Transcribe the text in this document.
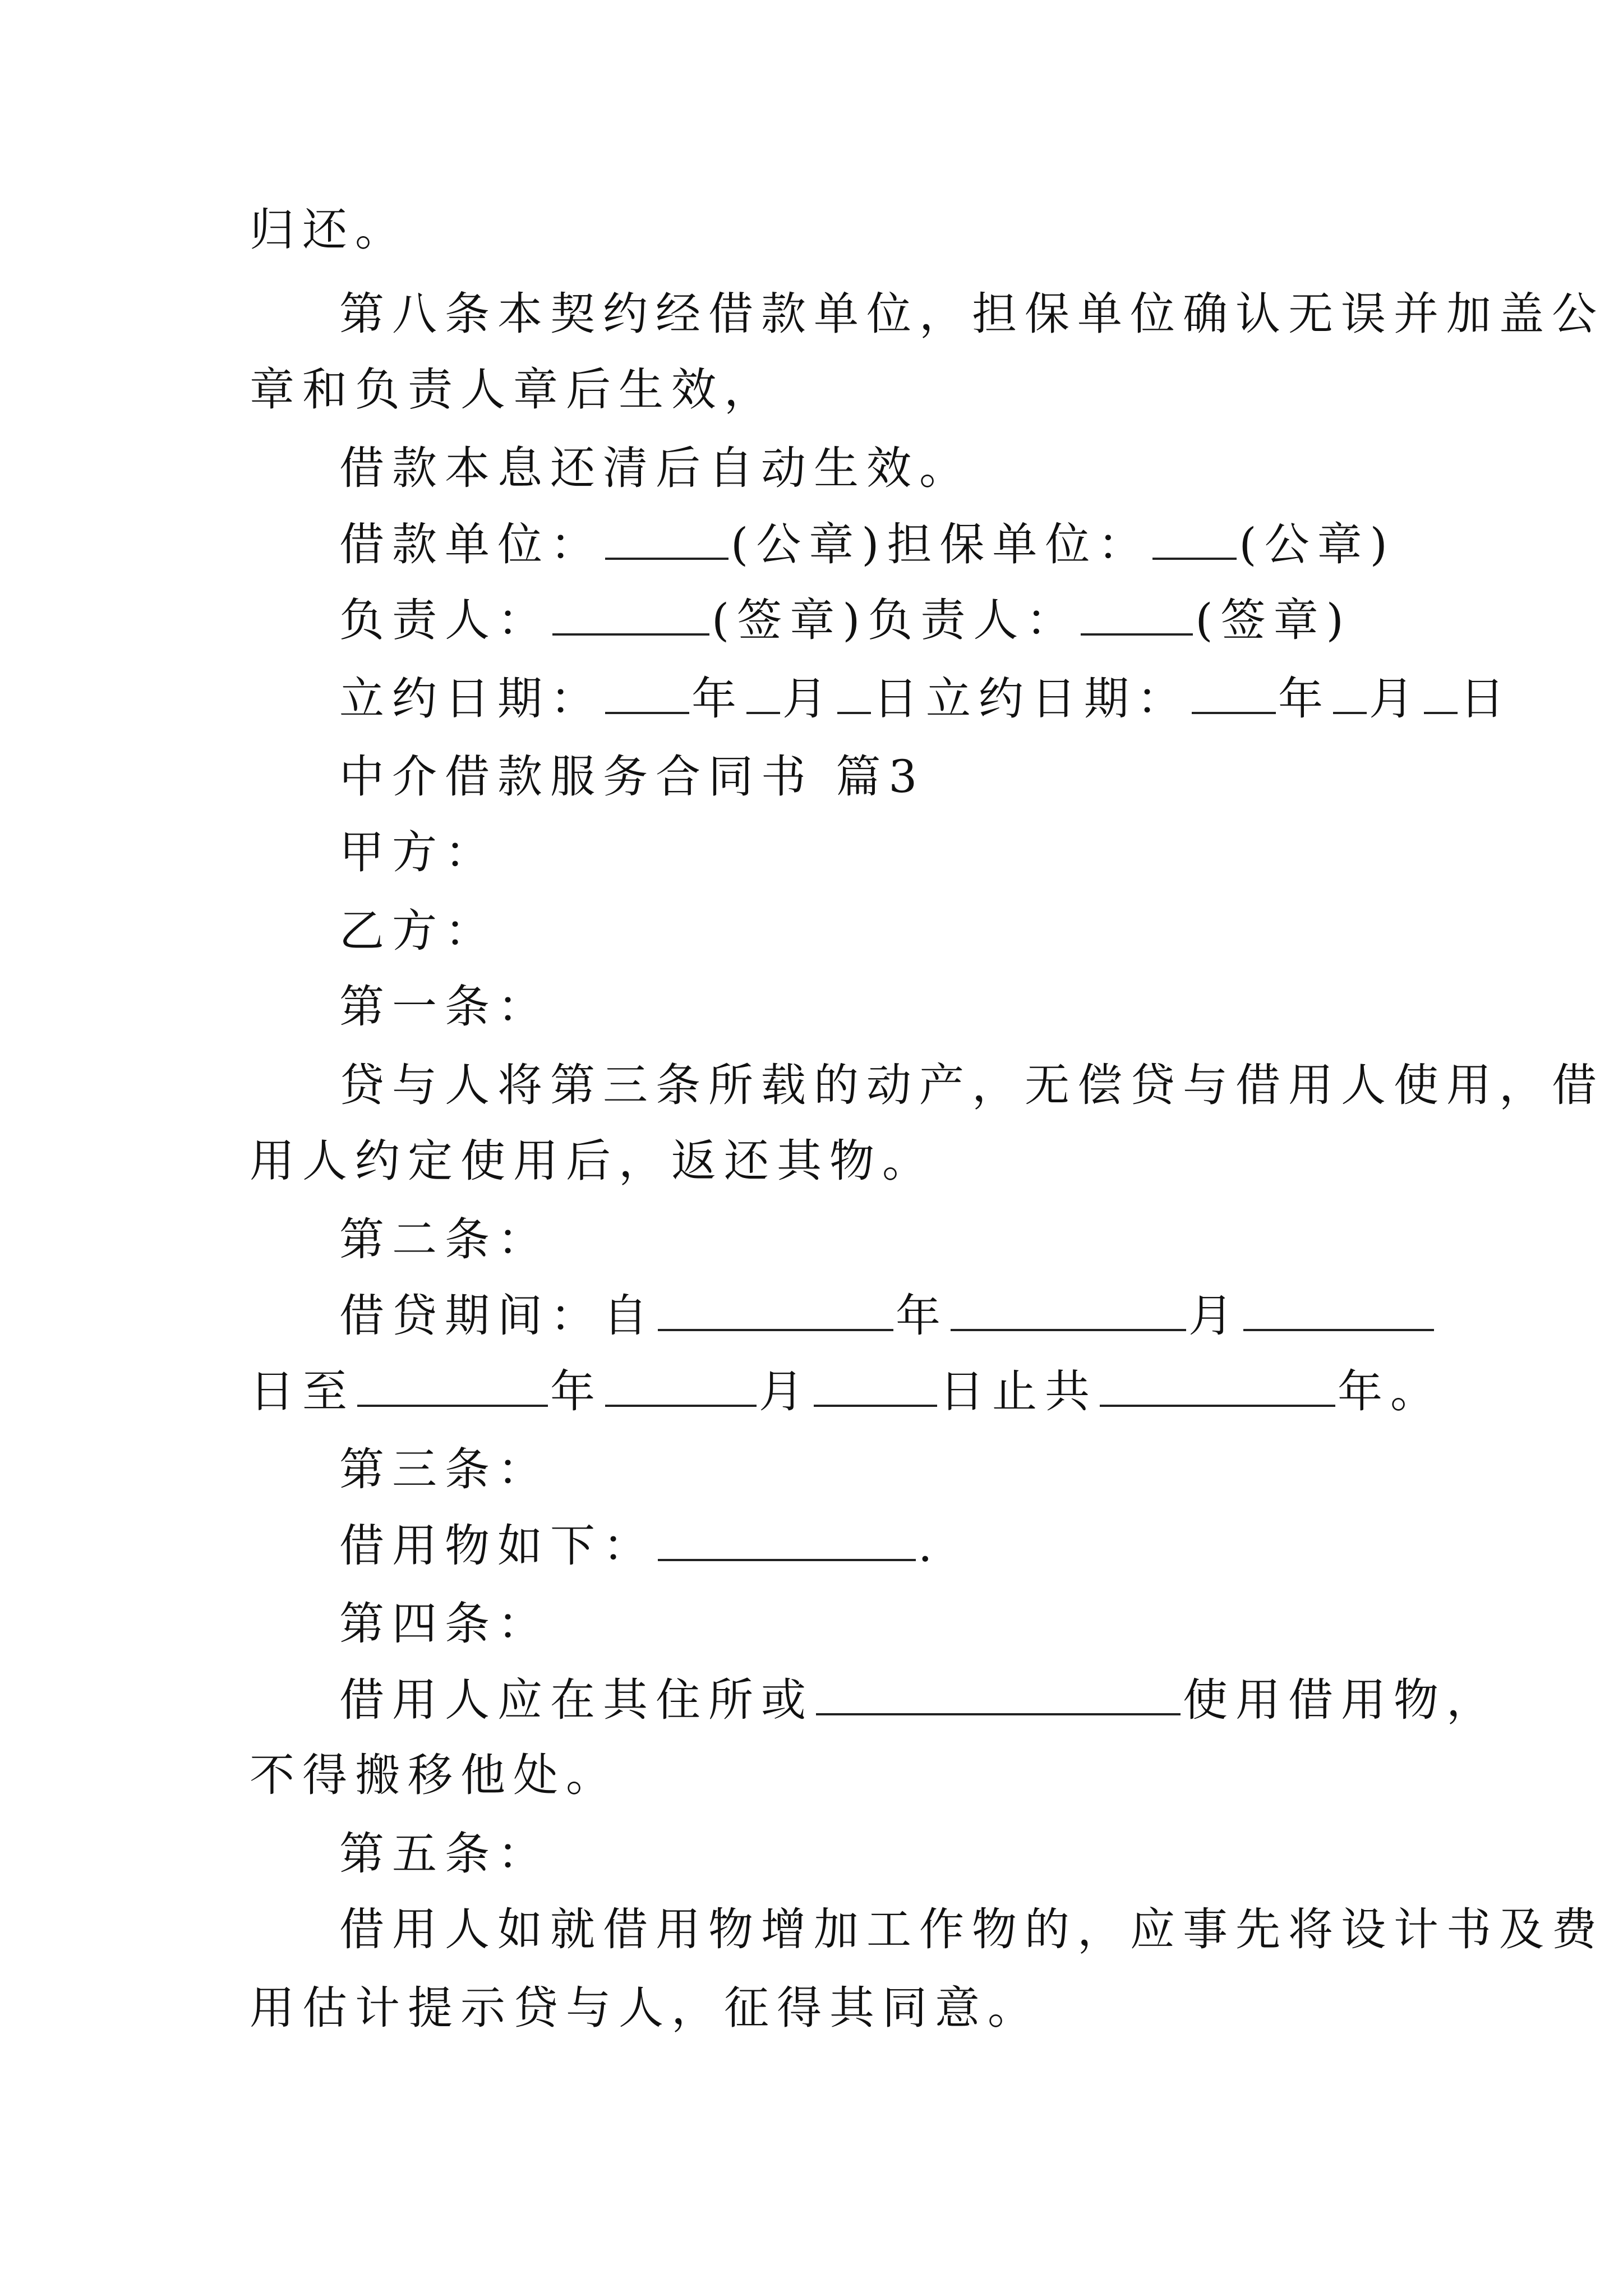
归还。
第八条本契约经借款单位，担保单位确认无误并加盖公
章和负责人章后生效，
借款本息还清后自动生效。
借款单位：	(公章)担保单位： (公章)
负责人：	(签章)负责人：	(签章)
立约日期： 年 月 日立约日期： 年 月 日
中介借款服务合同书 篇3
甲方：
乙方：
第一条：
贷与人将第三条所载的动产，无偿贷与借用人使用，借
用人约定使用后，返还其物。
第二条：
借贷期间：自	年	月
日至	年	月	日止共	年。
第三条：
借用物如下：	.
第四条：
借用人应在其住所或	使用借用物，
不得搬移他处。
第五条：
借用人如就借用物增加工作物的，应事先将设计书及费
用估计提示贷与人，征得其同意。
